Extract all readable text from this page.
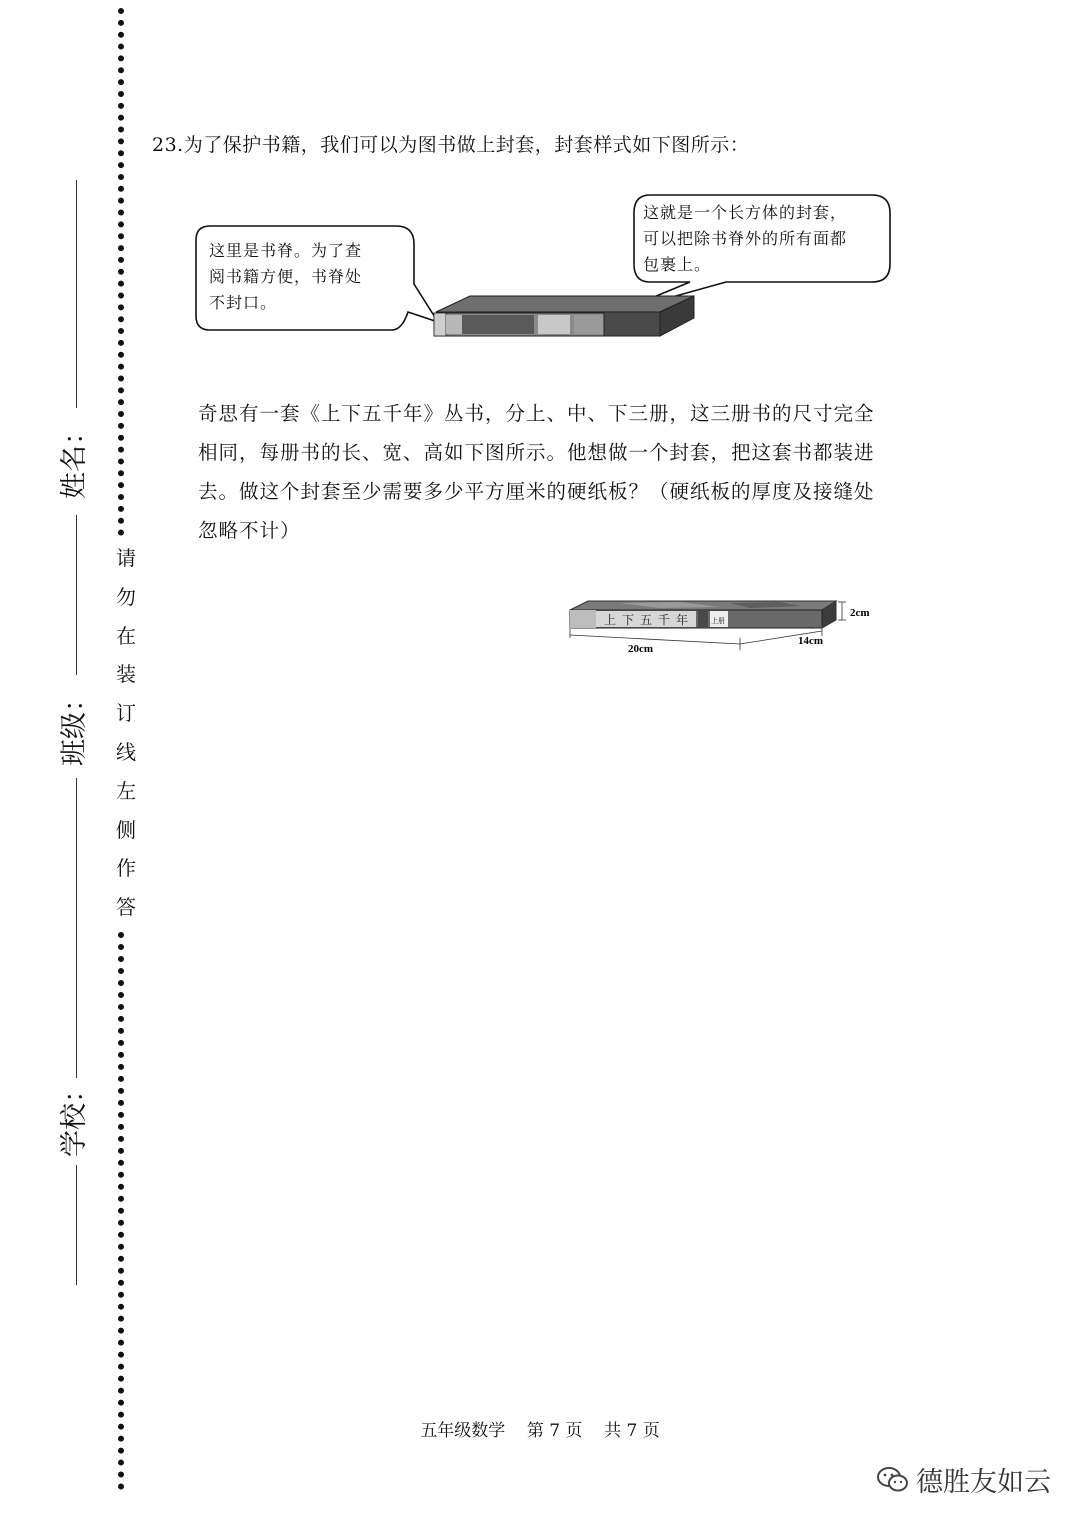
姓名：
班级：
学校：
请
勿
在
装
订
线
左
侧
作
答
23.为了保护书籍，我们可以为图书做上封套，封套样式如下图所示：
这里是书脊。为了查
阅书籍方便，书脊处
不封口。
这就是一个长方体的封套，
可以把除书脊外的所有面都
包裹上。
奇思有一套《上下五千年》丛书，分上、中、下三册，这三册书的尺寸完全
相同，每册书的长、宽、高如下图所示。他想做一个封套，把这套书都装进
去。做这个封套至少需要多少平方厘米的硬纸板？（硬纸板的厚度及接缝处
忽略不计）
上下五千年 上册
20cm
14cm
2cm
五年级数学    第 7 页    共 7 页
德胜友如云
